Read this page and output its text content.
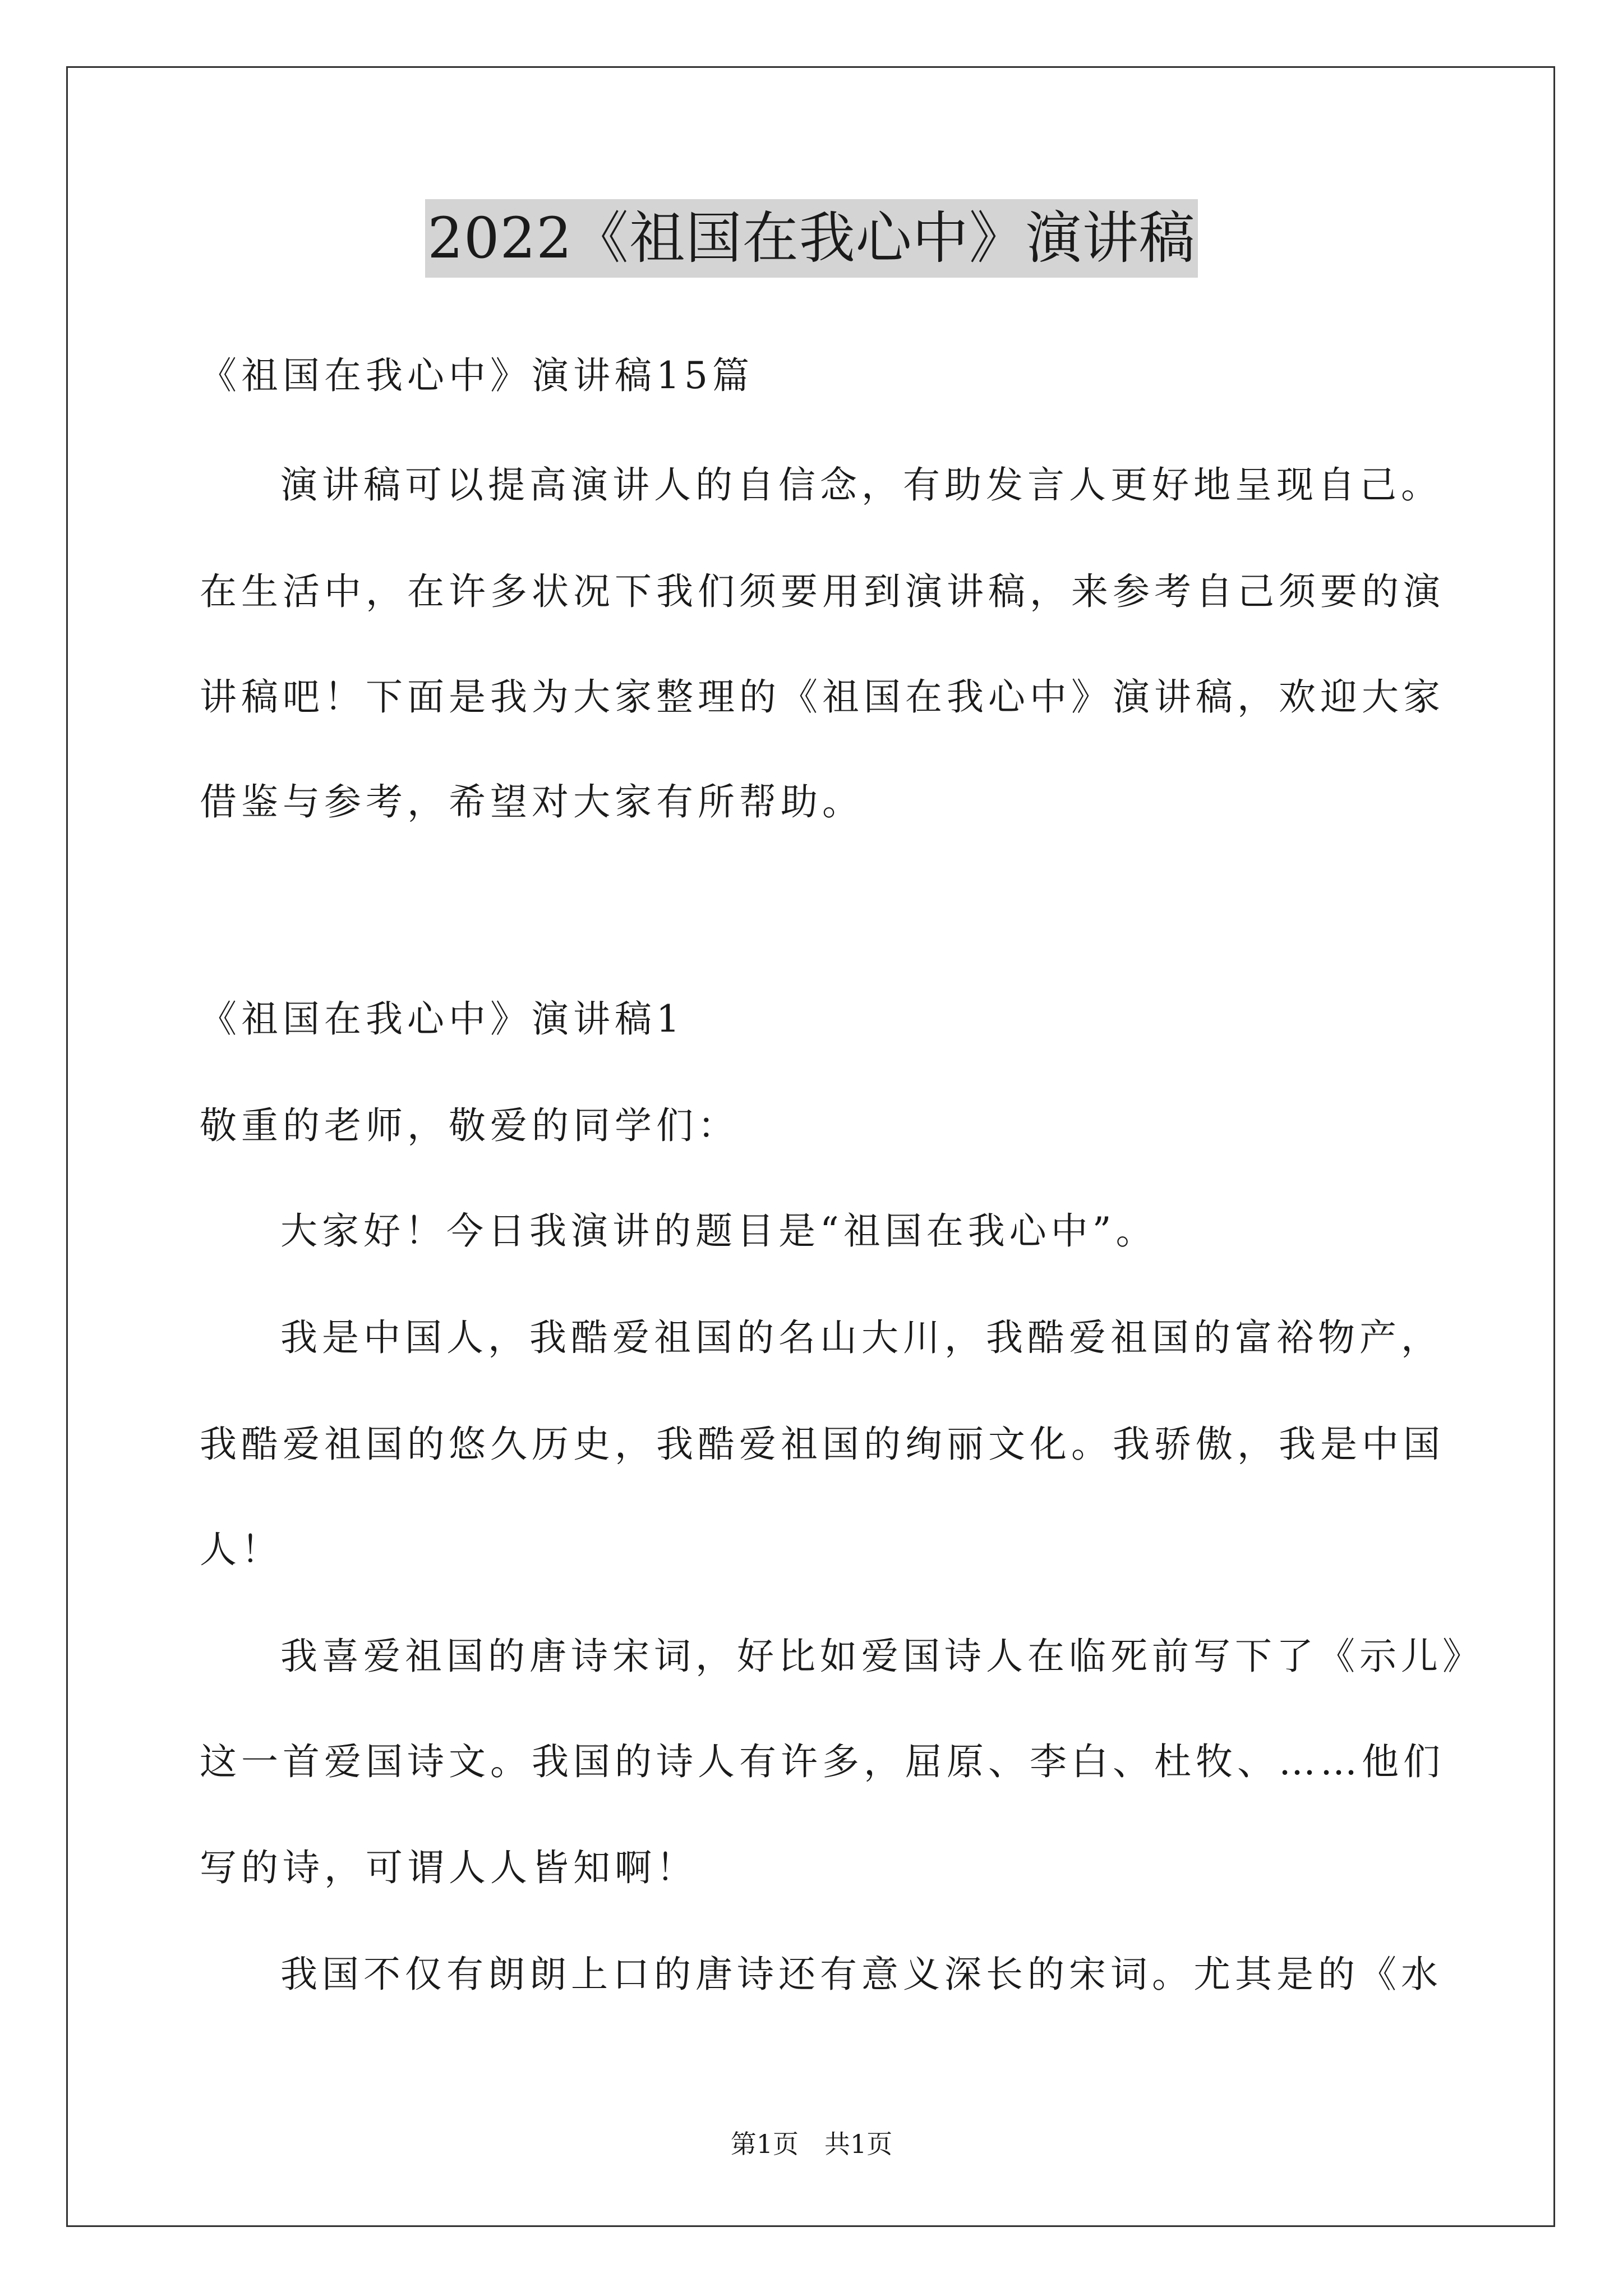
2022《祖国在我心中》演讲稿
《祖国在我心中》演讲稿15篇
演讲稿可以提高演讲人的自信念，有助发言人更好地呈现自己。
在生活中，在许多状况下我们须要用到演讲稿，来参考自己须要的演
讲稿吧！下面是我为大家整理的《祖国在我心中》演讲稿，欢迎大家
借鉴与参考，希望对大家有所帮助。
《祖国在我心中》演讲稿1
敬重的老师，敬爱的同学们：
大家好！今日我演讲的题目是“祖国在我心中”。
我是中国人，我酷爱祖国的名山大川，我酷爱祖国的富裕物产，
我酷爱祖国的悠久历史，我酷爱祖国的绚丽文化。我骄傲，我是中国
人！
我喜爱祖国的唐诗宋词，好比如爱国诗人在临死前写下了《示儿》
这一首爱国诗文。我国的诗人有许多，屈原、李白、杜牧、……他们
写的诗，可谓人人皆知啊！
我国不仅有朗朗上口的唐诗还有意义深长的宋词。尤其是的《水
第1页　共1页
